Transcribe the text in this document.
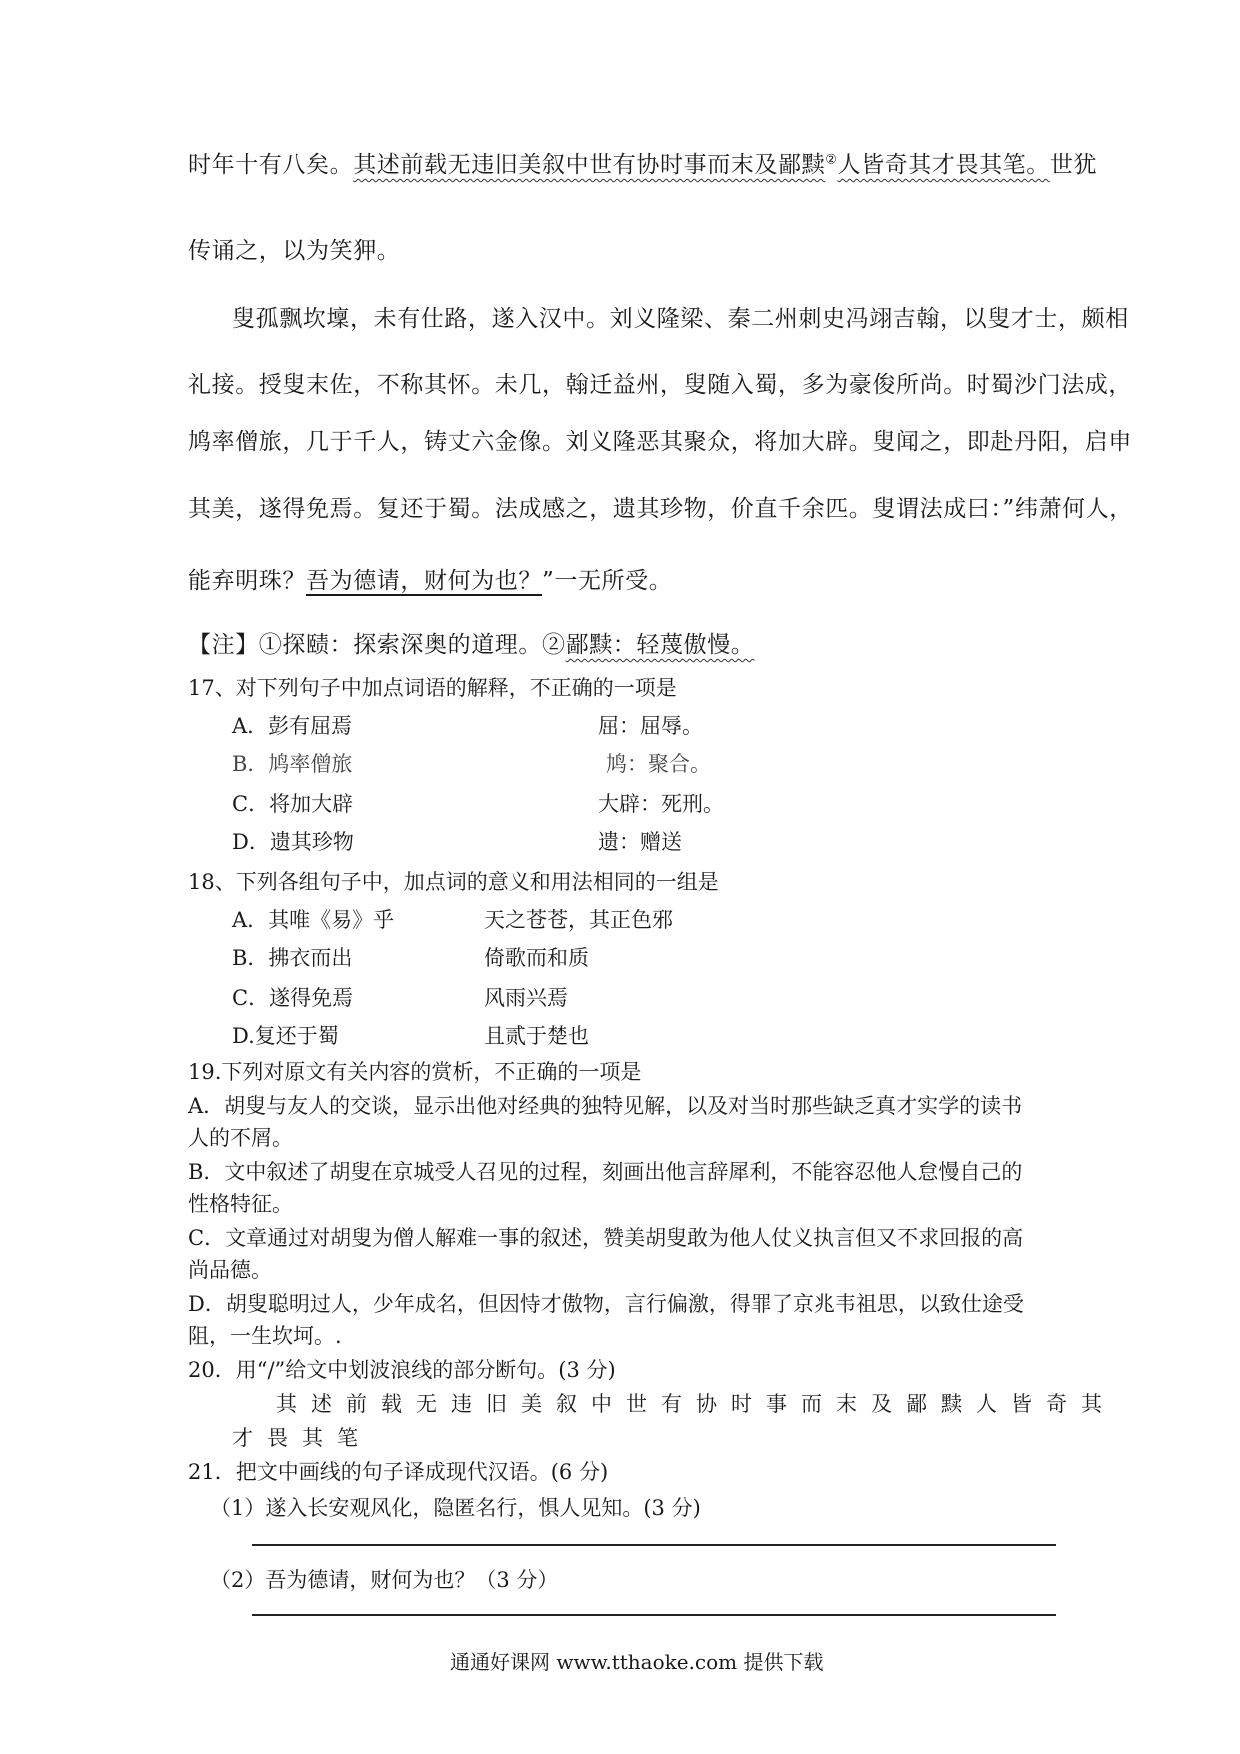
时年十有八矣。其述前载无违旧美叙中世有协时事而末及鄙黩②人皆奇其才畏其笔。世犹
传诵之，以为笑狎。
叟孤飘坎壈，未有仕路，遂入汉中。刘义隆梁、秦二州刺史冯翊吉翰，以叟才士，颇相
礼接。授叟末佐，不称其怀。未几，翰迁益州，叟随入蜀，多为豪俊所尚。时蜀沙门法成，
鸠率僧旅，几于千人，铸丈六金像。刘义隆恶其聚众，将加大辟。叟闻之，即赴丹阳，启申
其美，遂得免焉。复还于蜀。法成感之，遗其珍物，价直千余匹。叟谓法成曰：”纬萧何人，
能弃明珠？吾为德请，财何为也？”一无所受。
【注】①探赜：探索深奥的道理。②鄙黩：轻蔑傲慢。
17、对下列句子中加点词语的解释，不正确的一项是
A．彭有屈焉	屈：屈辱。
B．鸠率僧旅	鸠：聚合。
C．将加大辟	大辟：死刑。
D．遗其珍物	遗：赠送
18、下列各组句子中，加点词的意义和用法相同的一组是
A．其唯《易》乎	天之苍苍，其正色邪
B．拂衣而出	倚歌而和质
C．遂得免焉	风雨兴焉
D.复还于蜀	且贰于楚也
19.下列对原文有关内容的赏析，不正确的一项是
A．胡叟与友人的交谈，显示出他对经典的独特见解，以及对当时那些缺乏真才实学的读书
人的不屑。
B．文中叙述了胡叟在京城受人召见的过程，刻画出他言辞犀利，不能容忍他人怠慢自己的
性格特征。
C．文章通过对胡叟为僧人解难一事的叙述，赞美胡叟敢为他人仗义执言但又不求回报的高
尚品德。
D．胡叟聪明过人，少年成名，但因恃才傲物，言行偏激，得罪了京兆韦祖思，以致仕途受
阻，一生坎坷。.
20．用“/”给文中划波浪线的部分断句。(3 分)
其述前载无违旧美叙中世有协时事而末及鄙黩人皆奇其
才畏其笔
21．把文中画线的句子译成现代汉语。(6 分)
（1）遂入长安观风化，隐匿名行，惧人见知。(3 分)
（2）吾为德请，财何为也？（3 分）
通通好课网 www.tthaoke.com 提供下载
